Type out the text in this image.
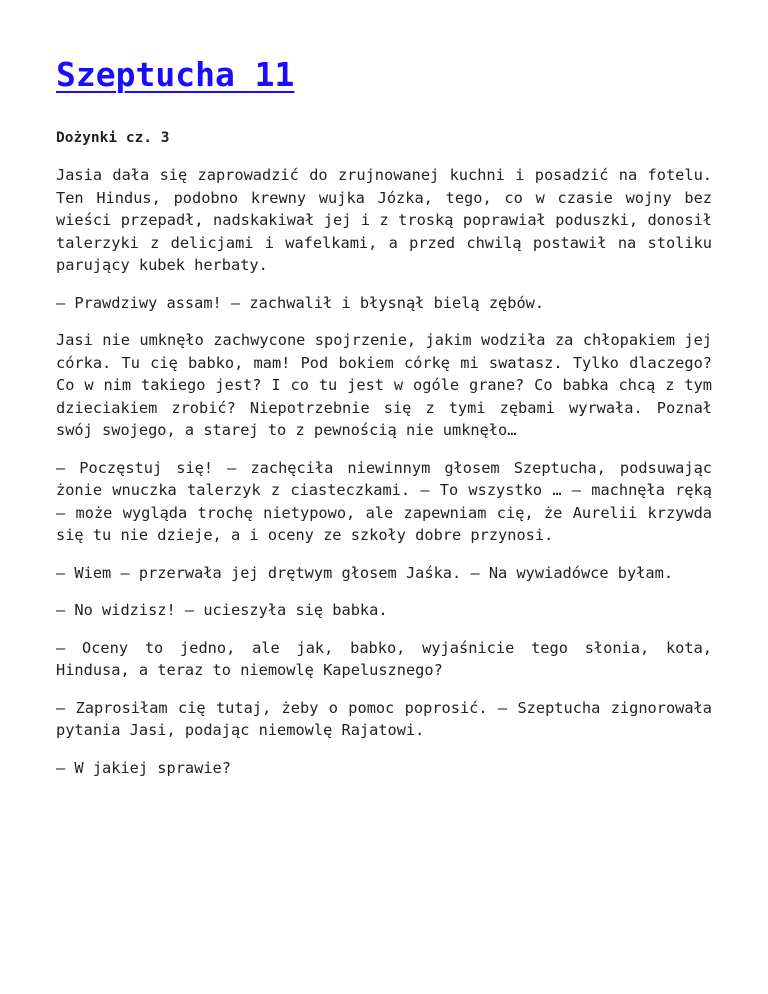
Szeptucha 11
Dożynki cz. 3

Jasia dała się zaprowadzić do zrujnowanej kuchni i posadzić na fotelu. Ten Hindus, podobno krewny wujka Józka, tego, co w czasie wojny bez wieści przepadł, nadskakiwał jej i z troską poprawiał poduszki, donosił talerzyki z delicjami i wafelkami, a przed chwilą postawił na stoliku parujący kubek herbaty.

– Prawdziwy assam! – zachwalił i błysnął bielą zębów.

Jasi nie umknęło zachwycone spojrzenie, jakim wodziła za chłopakiem jej córka. Tu cię babko, mam! Pod bokiem córkę mi swatasz. Tylko dlaczego? Co w nim takiego jest? I co tu jest w ogóle grane? Co babka chcą z tym dzieciakiem zrobić? Niepotrzebnie się z tymi zębami wyrwała. Poznał swój swojego, a starej to z pewnością nie umknęło…

– Poczęstuj się! – zachęciła niewinnym głosem Szeptucha, podsuwając żonie wnuczka talerzyk z ciasteczkami. – To wszystko … – machnęła ręką – może wygląda trochę nietypowo, ale zapewniam cię, że Aurelii krzywda się tu nie dzieje, a i oceny ze szkoły dobre przynosi.

– Wiem – przerwała jej drętwym głosem Jaśka. – Na wywiadówce byłam.

– No widzisz! – ucieszyła się babka.

– Oceny to jedno, ale jak, babko, wyjaśnicie tego słonia, kota, Hindusa, a teraz to niemowlę Kapelusznego?

– Zaprosiłam cię tutaj, żeby o pomoc poprosić. – Szeptucha zignorowała pytania Jasi, podając niemowlę Rajatowi.

– W jakiej sprawie?
